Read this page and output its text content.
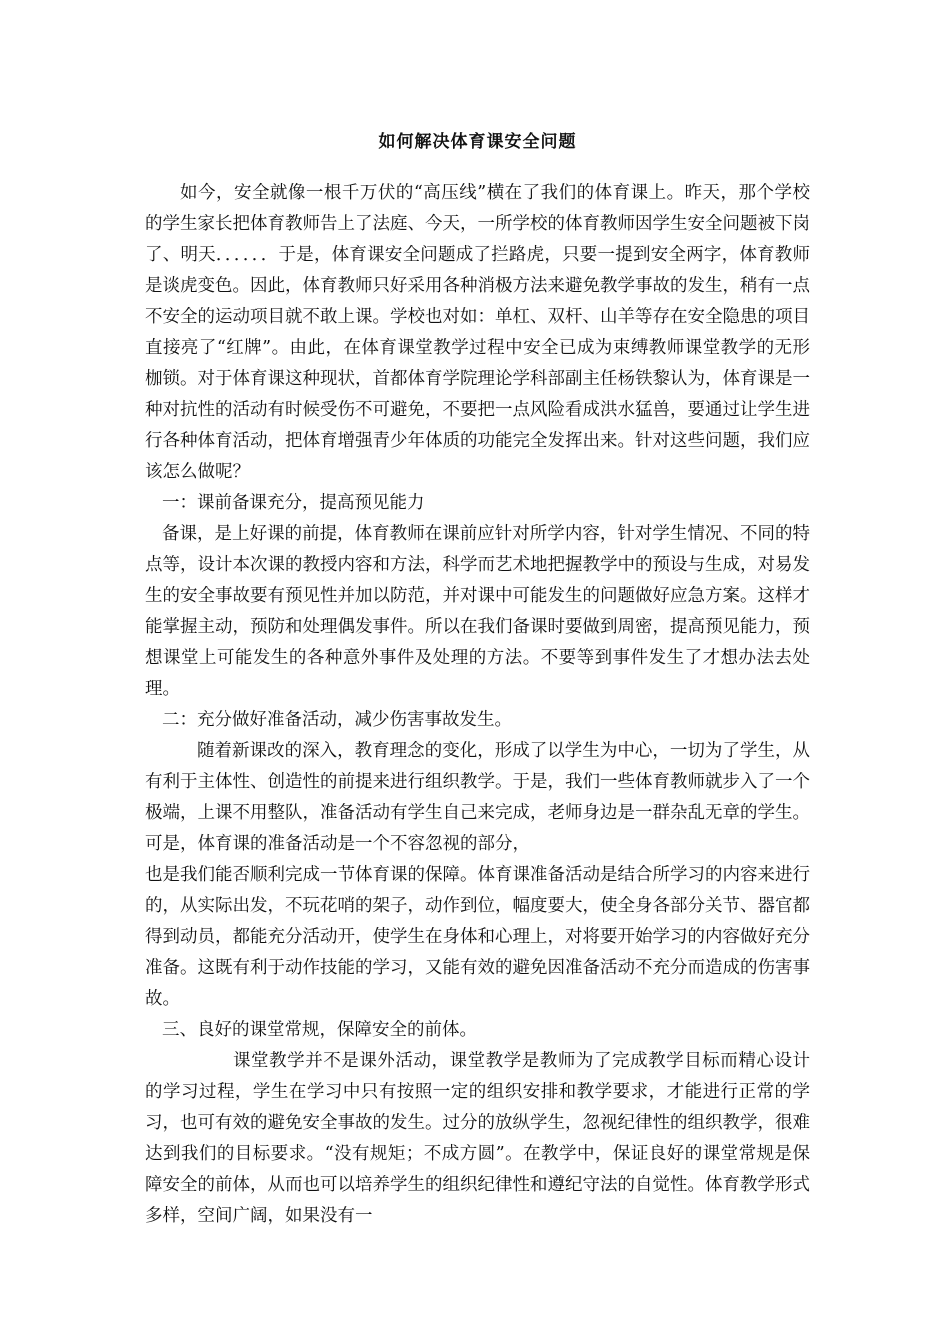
如何解决体育课安全问题

如今，安全就像一根千万伏的“高压线”横在了我们的体育课上。昨天，那个学校的学生家长把体育教师告上了法庭、今天，一所学校的体育教师因学生安全问题被下岗了、明天．．．．．．于是，体育课安全问题成了拦路虎，只要一提到安全两字，体育教师是谈虎变色。因此，体育教师只好采用各种消极方法来避免教学事故的发生，稍有一点不安全的运动项目就不敢上课。学校也对如：单杠、双杆、山羊等存在安全隐患的项目直接亮了“红牌”。由此，在体育课堂教学过程中安全已成为束缚教师课堂教学的无形枷锁。对于体育课这种现状，首都体育学院理论学科部副主任杨铁黎认为，体育课是一种对抗性的活动有时候受伤不可避免，不要把一点风险看成洪水猛兽，要通过让学生进行各种体育活动，把体育增强青少年体质的功能完全发挥出来。针对这些问题，我们应该怎么做呢？

一：课前备课充分，提高预见能力

备课，是上好课的前提，体育教师在课前应针对所学内容，针对学生情况、不同的特点等，设计本次课的教授内容和方法，科学而艺术地把握教学中的预设与生成，对易发生的安全事故要有预见性并加以防范，并对课中可能发生的问题做好应急方案。这样才能掌握主动，预防和处理偶发事件。所以在我们备课时要做到周密，提高预见能力，预想课堂上可能发生的各种意外事件及处理的方法。不要等到事件发生了才想办法去处理。

二：充分做好准备活动，减少伤害事故发生。

随着新课改的深入，教育理念的变化，形成了以学生为中心，一切为了学生，从有利于主体性、创造性的前提来进行组织教学。于是，我们一些体育教师就步入了一个极端，上课不用整队，准备活动有学生自己来完成，老师身边是一群杂乱无章的学生。可是，体育课的准备活动是一个不容忽视的部分，

也是我们能否顺利完成一节体育课的保障。体育课准备活动是结合所学习的内容来进行的，从实际出发，不玩花哨的架子，动作到位，幅度要大，使全身各部分关节、器官都得到动员，都能充分活动开，使学生在身体和心理上，对将要开始学习的内容做好充分准备。这既有利于动作技能的学习，又能有效的避免因准备活动不充分而造成的伤害事故。

三、良好的课堂常规，保障安全的前体。

课堂教学并不是课外活动，课堂教学是教师为了完成教学目标而精心设计的学习过程，学生在学习中只有按照一定的组织安排和教学要求，才能进行正常的学习，也可有效的避免安全事故的发生。过分的放纵学生，忽视纪律性的组织教学，很难达到我们的目标要求。“没有规矩；不成方圆”。在教学中，保证良好的课堂常规是保障安全的前体，从而也可以培养学生的组织纪律性和遵纪守法的自觉性。体育教学形式多样，空间广阔，如果没有一
